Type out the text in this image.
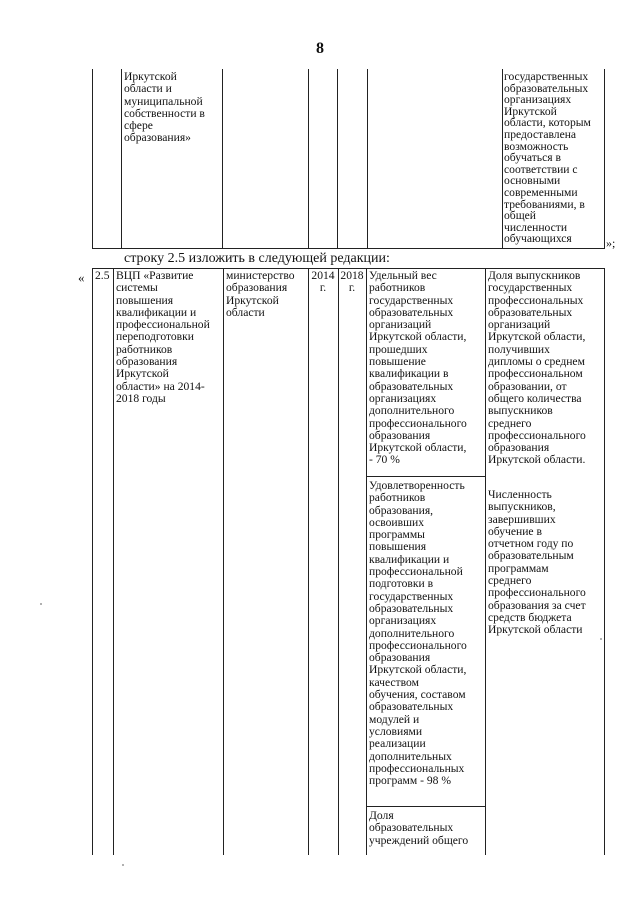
8
Иркутской
области и
муниципальной
собственности в
сфере
образования»
государственных
образовательных
организациях
Иркутской
области, которым
предоставлена
возможность
обучаться в
соответствии с
основными
современными
требованиями, в
общей
численности
обучающихся	»;
строку 2.5 изложить в следующей редакции:
« 2.5 ВЦП «Развитие
системы
повышения
квалификации и
профессиональной
переподготовки
работников
образования
Иркутской
области» на 2014-
2018 годы
министерство
образования
Иркутской
области
2014
г.
2018
г.
Удельный вес
работников
государственных
образовательных
организаций
Иркутской области,
прошедших
повышение
квалификации в
образовательных
организациях
дополнительного
профессионального
образования
Иркутской области,
- 70 %
Удовлетворенность
работников
образования,
освоивших
программы
повышения
квалификации и
профессиональной
подготовки в
государственных
образовательных
организациях
дополнительного
профессионального
образования
Иркутской области,
качеством
обучения, составом
образовательных
модулей и
условиями
реализации
дополнительных
профессиональных
программ - 98 %
Доля
образовательных
учреждений общего
Доля выпускников
государственных
профессиональных
образовательных
организаций
Иркутской области,
получивших
дипломы о среднем
профессиональном
образовании, от
общего количества
выпускников
среднего
профессионального
образования
Иркутской области.
Численность
выпускников,
завершивших
обучение в
отчетном году по
образовательным
программам
среднего
профессионального
образования за счет
средств бюджета
Иркутской области
